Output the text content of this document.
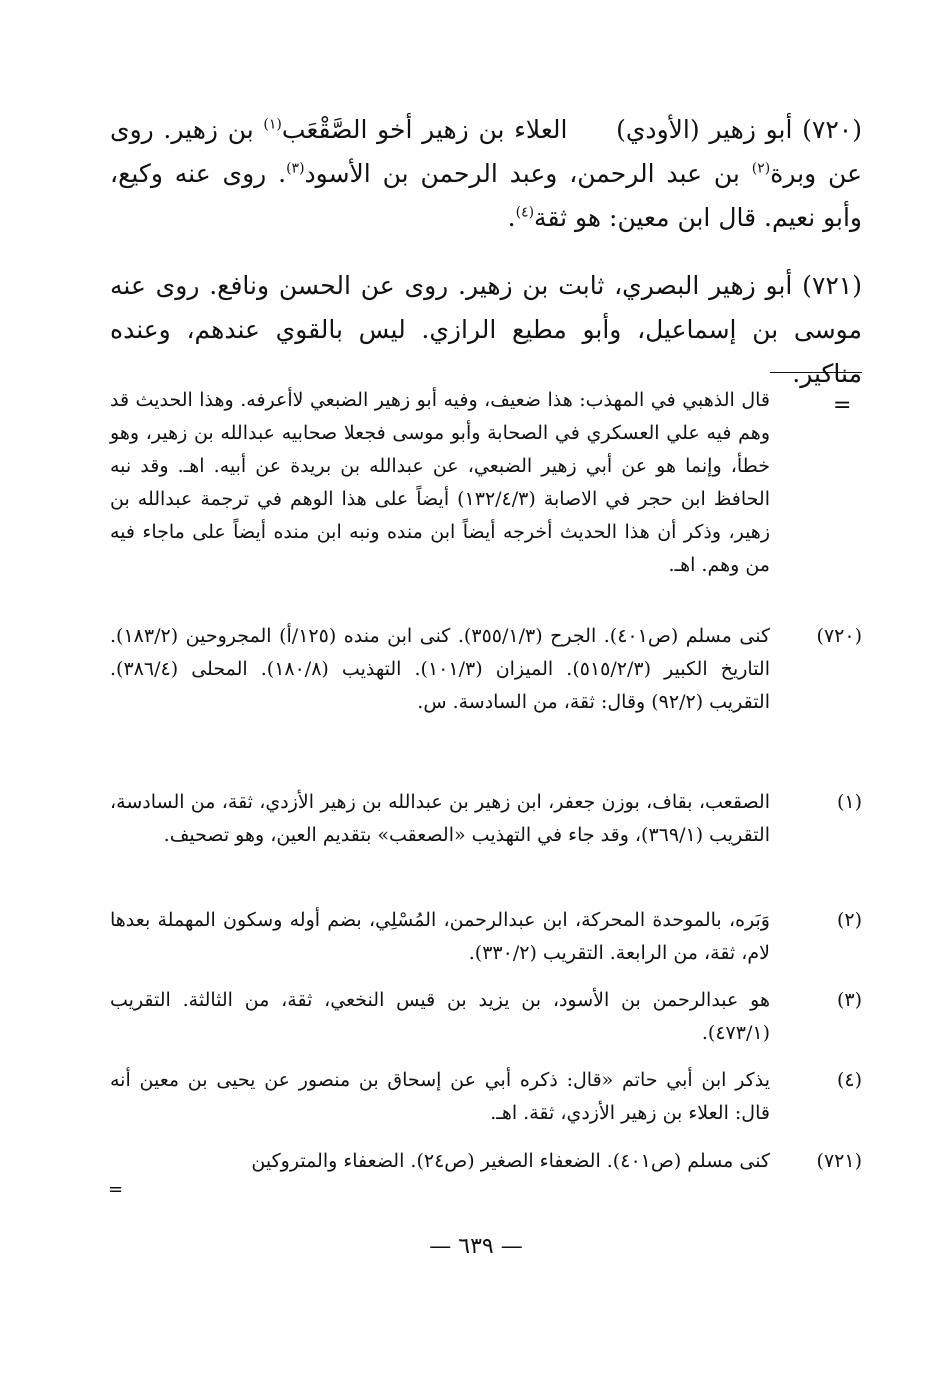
(٧٢٠) أبو زهير (الأودي)     العلاء بن زهير أخو الصَّقْعَب$^{(١)}$ بن زهير. روى عن وبرة$^{(٢)}$ بن عبد الرحمن، وعبد الرحمن بن الأسود$^{(٣)}$. روى عنه وكيع، وأبو نعيم. قال ابن معين: هو ثقة$^{(٤)}$.
(٧٢١) أبو زهير البصري، ثابت بن زهير. روى عن الحسن ونافع. روى عنه موسى بن إسماعيل، وأبو مطيع الرازي. ليس بالقوي عندهم، وعنده مناكير.
=

قال الذهبي في المهذب: هذا ضعيف، وفيه أبو زهير الضبعي لاأعرفه. وهذا الحديث قد وهم فيه علي العسكري في الصحابة وأبو موسى فجعلا صحابيه عبدالله بن زهير، وهو خطأ، وإنما هو عن أبي زهير الضبعي، عن عبدالله بن بريدة عن أبيه. اهـ. وقد نبه الحافظ ابن حجر في الاصابة (١٣٢/٤/٣) أيضاً على هذا الوهم في ترجمة عبدالله بن زهير، وذكر أن هذا الحديث أخرجه أيضاً ابن منده ونبه ابن منده أيضاً على ماجاء فيه من وهم. اهـ.

(٧٢٠)
كنى مسلم (ص٤٠١). الجرح (٣٥٥/١/٣). كنى ابن منده (١٢٥/أ) المجروحين (١٨٣/٢). التاريخ الكبير (٥١٥/٢/٣). الميزان (١٠١/٣). التهذيب (١٨٠/٨). المحلى (٣٨٦/٤). التقريب (٩٢/٢) وقال: ثقة، من السادسة. س.
(١)
الصقعب، بقاف، بوزن جعفر، ابن زهير بن عبدالله بن زهير الأزدي، ثقة، من السادسة، التقريب (٣٦٩/١)، وقد جاء في التهذيب «الصعقب» بتقديم العين، وهو تصحيف.
(٢)
وَبَره، بالموحدة المحركة، ابن عبدالرحمن، المُسْلِي، بضم أوله وسكون المهملة بعدها لام، ثقة، من الرابعة. التقريب (٣٣٠/٢).
(٣)
هو عبدالرحمن بن الأسود، بن يزيد بن قيس النخعي، ثقة، من الثالثة. التقريب (٤٧٣/١).
(٤)
يذكر ابن أبي حاتم «قال: ذكره أبي عن إسحاق بن منصور عن يحيى بن معين أنه قال: العلاء بن زهير الأزدي، ثقة. اهـ.
(٧٢١)
كنى مسلم (ص٤٠١). الضعفاء الصغير (ص٢٤). الضعفاء والمتروكين
=
— ٦٣٩ —
